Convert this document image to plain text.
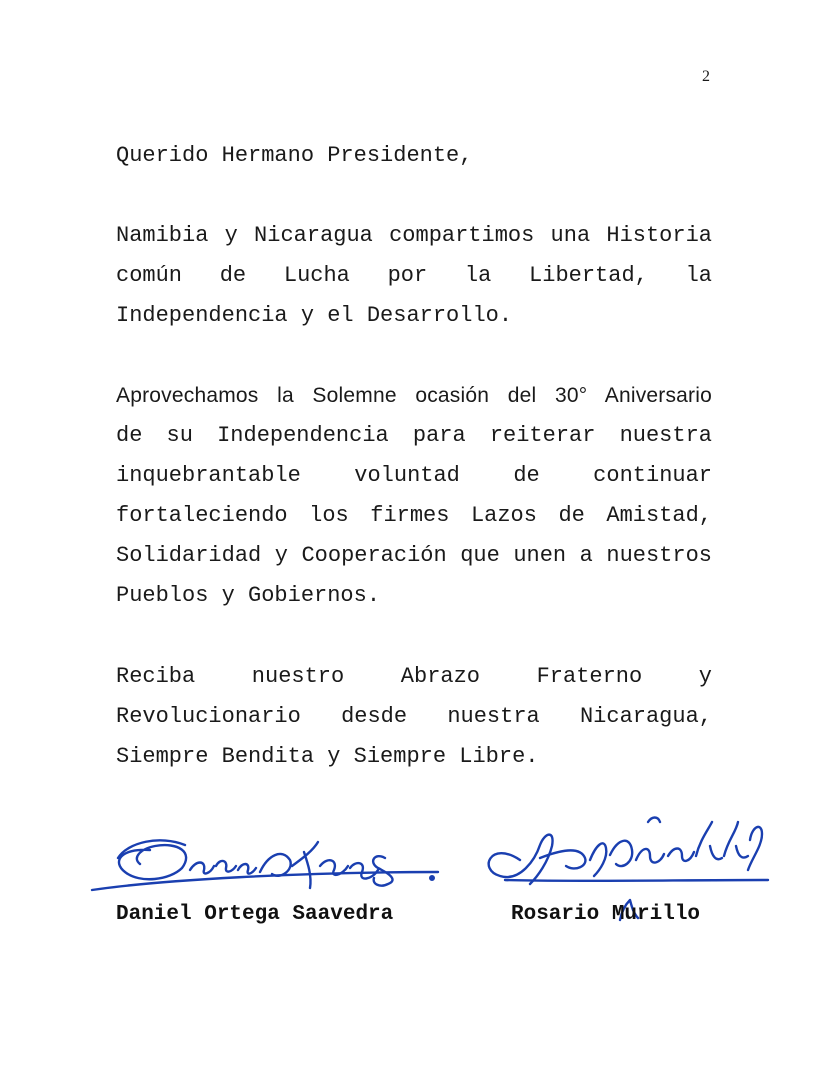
2

Querido Hermano Presidente,

Namibia y Nicaragua compartimos una Historia
común de Lucha por la Libertad, la
Independencia y el Desarrollo.
Aprovechamos la Solemne ocasión del 30° Aniversario
de su Independencia para reiterar nuestra
inquebrantable voluntad de continuar
fortaleciendo los firmes Lazos de Amistad,
Solidaridad y Cooperación que unen a nuestros
Pueblos y Gobiernos.
Reciba nuestro Abrazo Fraterno y
Revolucionario desde nuestra Nicaragua,
Siempre Bendita y Siempre Libre.
Daniel Ortega Saavedra	Rosario Murillo
